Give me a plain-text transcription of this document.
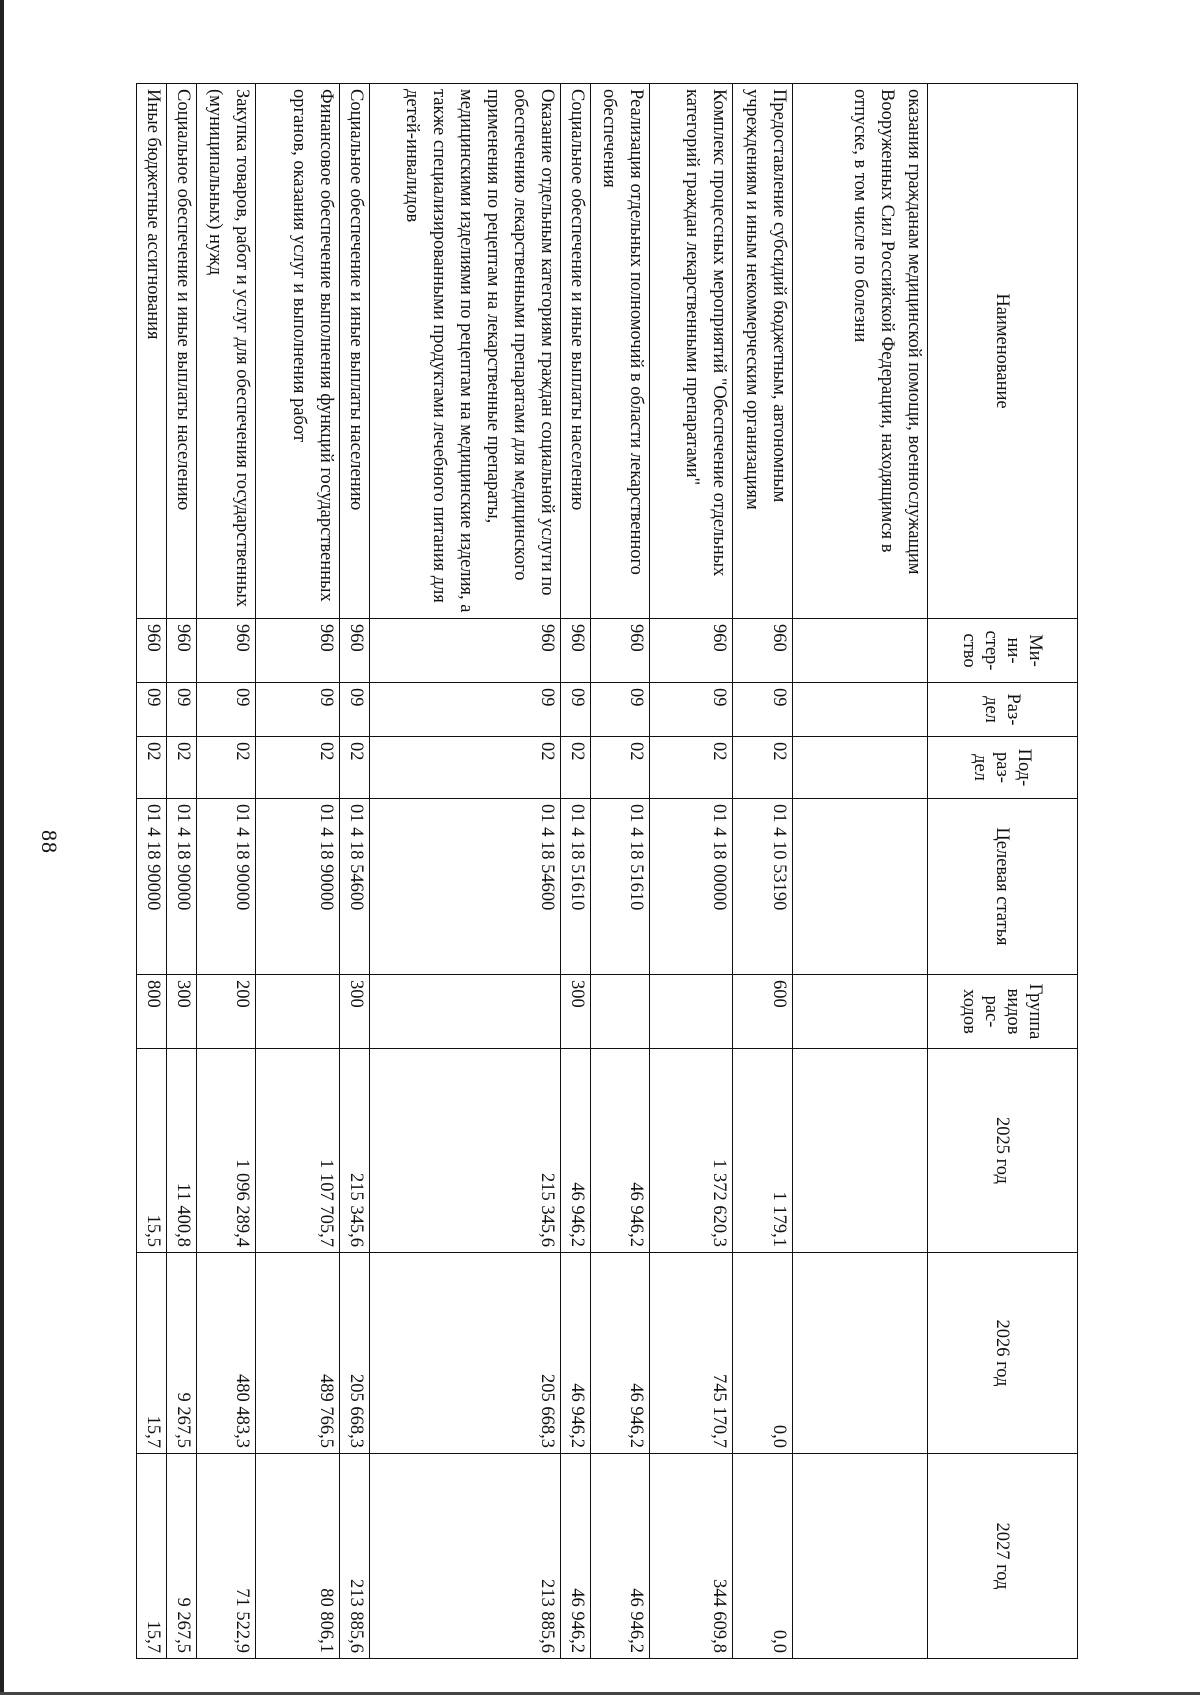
88
Наименование	Ми-
ни-
стер-
ство	Раз-
дел	Под-
раз-
дел	Целевая статья	Группа
видов
рас-
ходов	2025 год	2026 год	2027 год
оказания гражданам медицинской помощи, военнослужащим Вооруженных Сил Российской Федерации, находящимся в отпуске, в том числе по болезни								
Предоставление субсидий бюджетным, автономным учреждениям и иным некоммерческим организациям	960	09	02	01 4 10 53190	600	1 179,1	0,0	0,0
Комплекс процессных мероприятий "Обеспечение отдельных категорий граждан лекарственными препаратами"	960	09	02	01 4 18 00000		1 372 620,3	745 170,7	344 609,8
Реализация отдельных полномочий в области лекарственного обеспечения	960	09	02	01 4 18 51610		46 946,2	46 946,2	46 946,2
Социальное обеспечение и иные выплаты населению	960	09	02	01 4 18 51610	300	46 946,2	46 946,2	46 946,2
Оказание отдельным категориям граждан социальной услуги по обеспечению лекарственными препаратами для медицинского применения по рецептам на лекарственные препараты, медицинскими изделиями по рецептам на медицинские изделия, а также специализированными продуктами лечебного питания для детей-инвалидов	960	09	02	01 4 18 54600		215 345,6	205 668,3	213 885,6
Социальное обеспечение и иные выплаты населению	960	09	02	01 4 18 54600	300	215 345,6	205 668,3	213 885,6
Финансовое обеспечение выполнения функций государственных органов, оказания услуг и выполнения работ	960	09	02	01 4 18 90000		1 107 705,7	489 766,5	80 806,1
Закупка товаров, работ и услуг для обеспечения государственных (муниципальных) нужд	960	09	02	01 4 18 90000	200	1 096 289,4	480 483,3	71 522,9
Социальное обеспечение и иные выплаты населению	960	09	02	01 4 18 90000	300	11 400,8	9 267,5	9 267,5
Иные бюджетные ассигнования	960	09	02	01 4 18 90000	800	15,5	15,7	15,7
